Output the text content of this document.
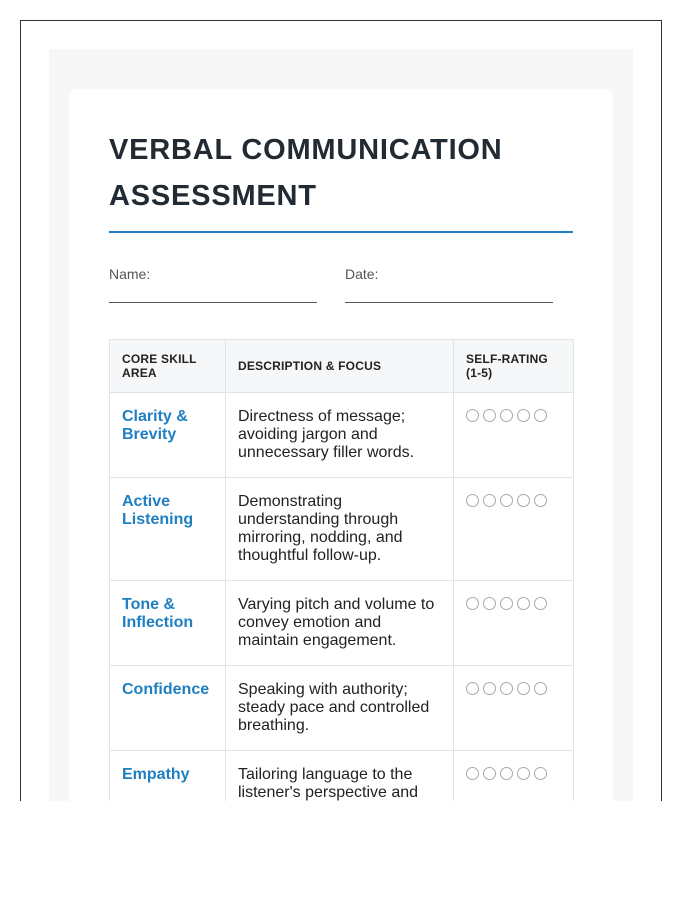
VERBAL COMMUNICATION ASSESSMENT
Name:	Date:
CORE SKILL AREA	DESCRIPTION & FOCUS	SELF-RATING (1-5)
Clarity & Brevity	Directness of message; avoiding jargon and unnecessary filler words.	

Active Listening	Demonstrating understanding through mirroring, nodding, and thoughtful follow-up.	

Tone & Inflection	Varying pitch and volume to convey emotion and maintain engagement.	

Confidence	Speaking with authority; steady pace and controlled breathing.	

Empathy	Tailoring language to the listener's perspective and	
